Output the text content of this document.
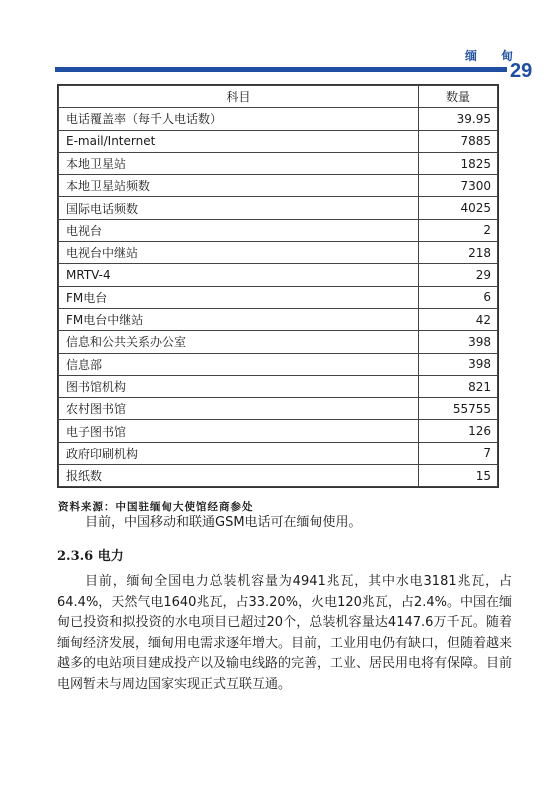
缅 甸
29
科目	数量
电话覆盖率（每千人电话数）	39.95
E-mail/Internet	7885
本地卫星站	1825
本地卫星站频数	7300
国际电话频数	4025
电视台	2
电视台中继站	218
MRTV-4	29
FM电台	6
FM电台中继站	42
信息和公共关系办公室	398
信息部	398
图书馆机构	821
农村图书馆	55755
电子图书馆	126
政府印刷机构	7
报纸数	15
资料来源：中国驻缅甸大使馆经商参处

目前，中国移动和联通GSM电话可在缅甸使用。

2.3.6 电力

目前，缅甸全国电力总装机容量为4941兆瓦，其中水电3181兆瓦，占64.4%，天然气电1640兆瓦，占33.20%，火电120兆瓦，占2.4%。中国在缅甸已投资和拟投资的水电项目已超过20个，总装机容量达4147.6万千瓦。随着缅甸经济发展，缅甸用电需求逐年增大。目前，工业用电仍有缺口，但随着越来越多的电站项目建成投产以及输电线路的完善，工业、居民用电将有保障。目前电网暂未与周边国家实现正式互联互通。
